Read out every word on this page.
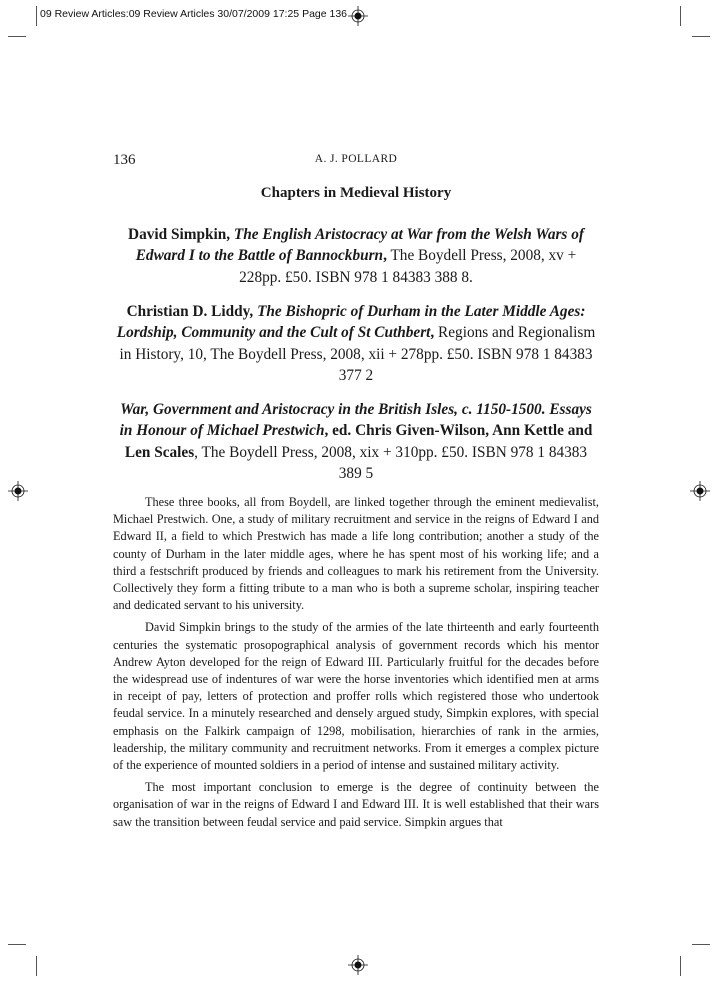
09 Review Articles:09 Review Articles 30/07/2009 17:25 Page 136
136	A. J. POLLARD
Chapters in Medieval History
David Simpkin, The English Aristocracy at War from the Welsh Wars of Edward I to the Battle of Bannockburn, The Boydell Press, 2008, xv + 228pp. £50. ISBN 978 1 84383 388 8.
Christian D. Liddy, The Bishopric of Durham in the Later Middle Ages: Lordship, Community and the Cult of St Cuthbert, Regions and Regionalism in History, 10, The Boydell Press, 2008, xii + 278pp. £50. ISBN 978 1 84383 377 2
War, Government and Aristocracy in the British Isles, c. 1150-1500. Essays in Honour of Michael Prestwich, ed. Chris Given-Wilson, Ann Kettle and Len Scales, The Boydell Press, 2008, xix + 310pp. £50. ISBN 978 1 84383 389 5

These three books, all from Boydell, are linked together through the eminent medievalist, Michael Prestwich. One, a study of military recruitment and service in the reigns of Edward I and Edward II, a field to which Prestwich has made a life long contribution; another a study of the county of Durham in the later middle ages, where he has spent most of his working life; and a third a festschrift produced by friends and colleagues to mark his retirement from the University. Collectively they form a fitting tribute to a man who is both a supreme scholar, inspiring teacher and dedicated servant to his university.

David Simpkin brings to the study of the armies of the late thirteenth and early fourteenth centuries the systematic prosopographical analysis of government records which his mentor Andrew Ayton developed for the reign of Edward III. Particularly fruitful for the decades before the widespread use of indentures of war were the horse inventories which identified men at arms in receipt of pay, letters of protection and proffer rolls which registered those who undertook feudal service. In a minutely researched and densely argued study, Simpkin explores, with special emphasis on the Falkirk campaign of 1298, mobilisation, hierarchies of rank in the armies, leadership, the military community and recruitment networks. From it emerges a complex picture of the experience of mounted soldiers in a period of intense and sustained military activity.

The most important conclusion to emerge is the degree of continuity between the organisation of war in the reigns of Edward I and Edward III. It is well established that their wars saw the transition between feudal service and paid service. Simpkin argues that
